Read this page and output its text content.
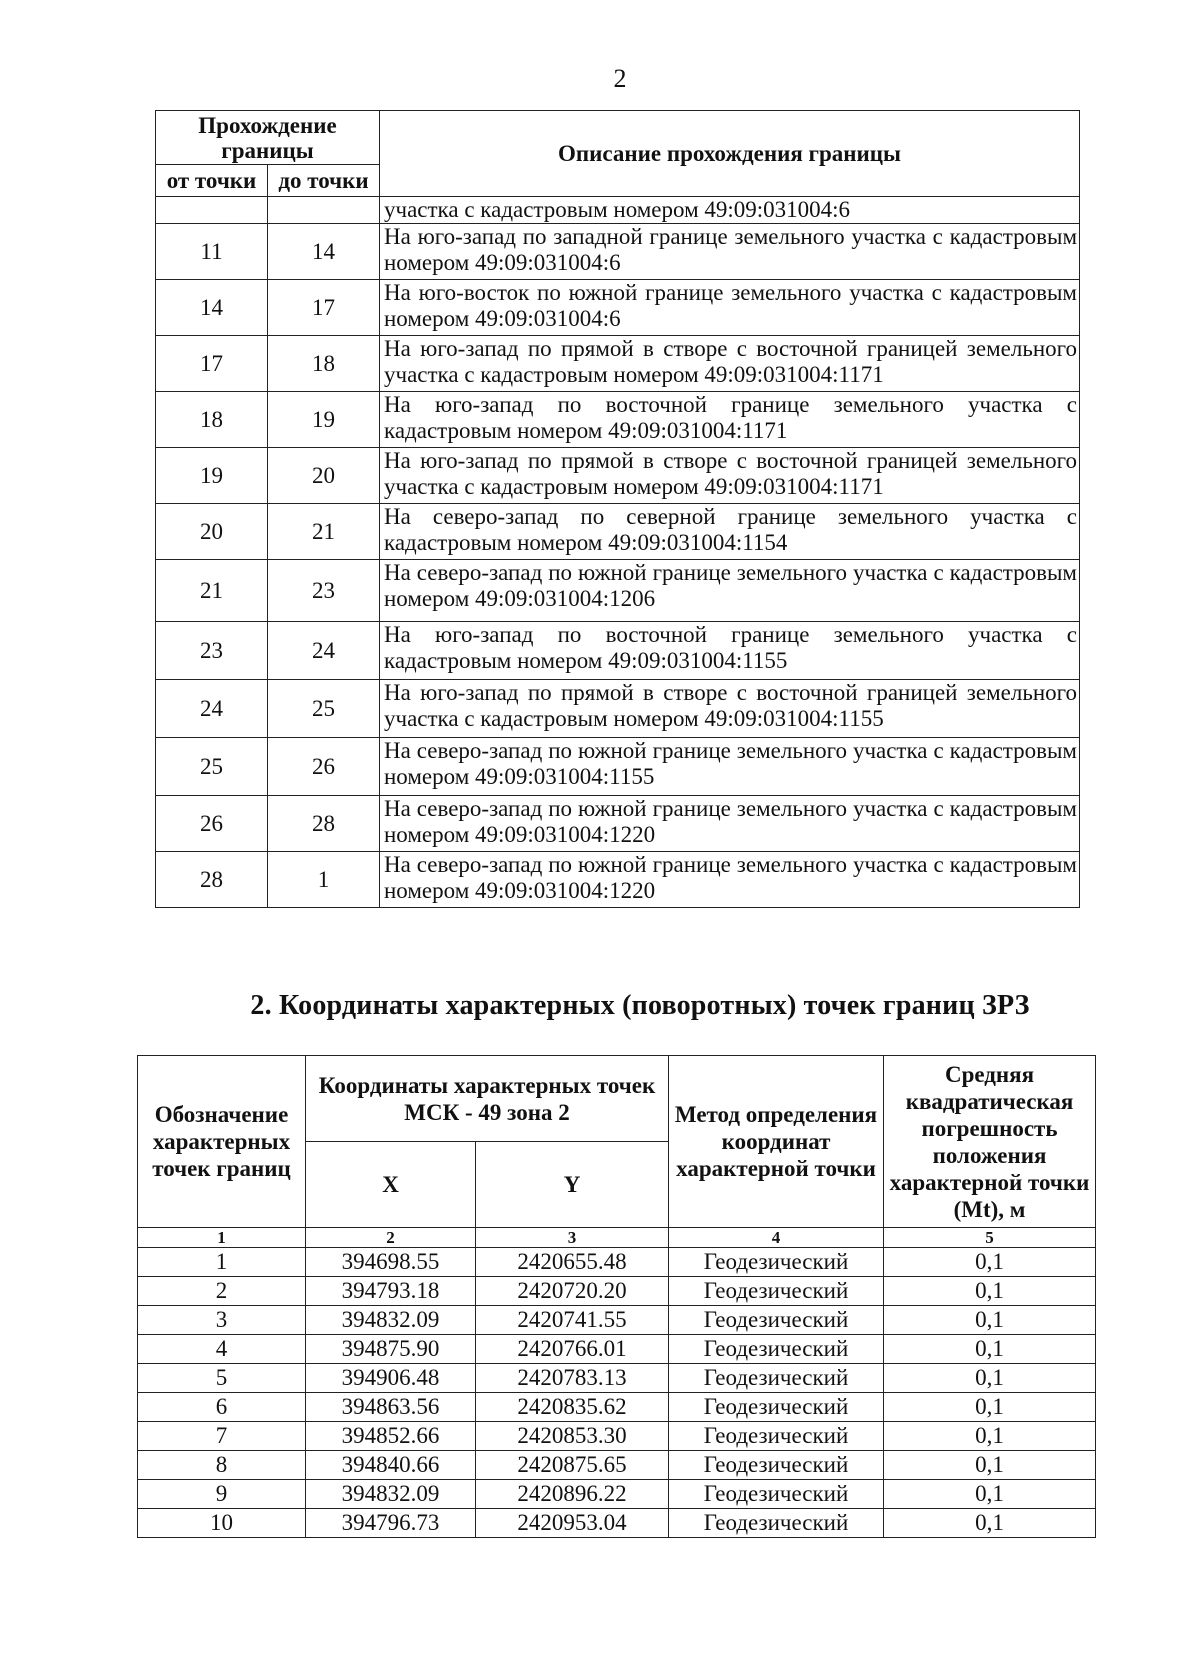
2
Прохождение границы		Описание прохождения границы
от точки	до точки	
		участка с кадастровым номером 49:09:031004:6
11	14	На юго-запад по западной границе земельного участка с кадастровым номером 49:09:031004:6
14	17	На юго-восток по южной границе земельного участка с кадастровым номером 49:09:031004:6
17	18	На юго-запад по прямой в створе с восточной границей земельного участка с кадастровым номером 49:09:031004:1171
18	19	На юго-запад по восточной границе земельного участка с кадастровым номером 49:09:031004:1171
19	20	На юго-запад по прямой в створе с восточной границей земельного участка с кадастровым номером 49:09:031004:1171
20	21	На северо-запад по северной границе земельного участка с кадастровым номером 49:09:031004:1154
21	23	На северо-запад по южной границе земельного участка с кадастровым номером 49:09:031004:1206
23	24	На юго-запад по восточной границе земельного участка с кадастровым номером 49:09:031004:1155
24	25	На юго-запад по прямой в створе с восточной границей земельного участка с кадастровым номером 49:09:031004:1155
25	26	На северо-запад по южной границе земельного участка с кадастровым номером 49:09:031004:1155
26	28	На северо-запад по южной границе земельного участка с кадастровым номером 49:09:031004:1220
28	1	На северо-запад по южной границе земельного участка с кадастровым номером 49:09:031004:1220
2. Координаты характерных (поворотных) точек границ ЗРЗ
Обозначение характерных точек границ	Координаты характерных точек МСК - 49 зона 2		Метод определения координат характерной точки	Средняя квадратическая погрешность положения характерной точки (Mt), м
	X	Y		
1	2	3	4	5
1	394698.55	2420655.48	Геодезический	0,1
2	394793.18	2420720.20	Геодезический	0,1
3	394832.09	2420741.55	Геодезический	0,1
4	394875.90	2420766.01	Геодезический	0,1
5	394906.48	2420783.13	Геодезический	0,1
6	394863.56	2420835.62	Геодезический	0,1
7	394852.66	2420853.30	Геодезический	0,1
8	394840.66	2420875.65	Геодезический	0,1
9	394832.09	2420896.22	Геодезический	0,1
10	394796.73	2420953.04	Геодезический	0,1
